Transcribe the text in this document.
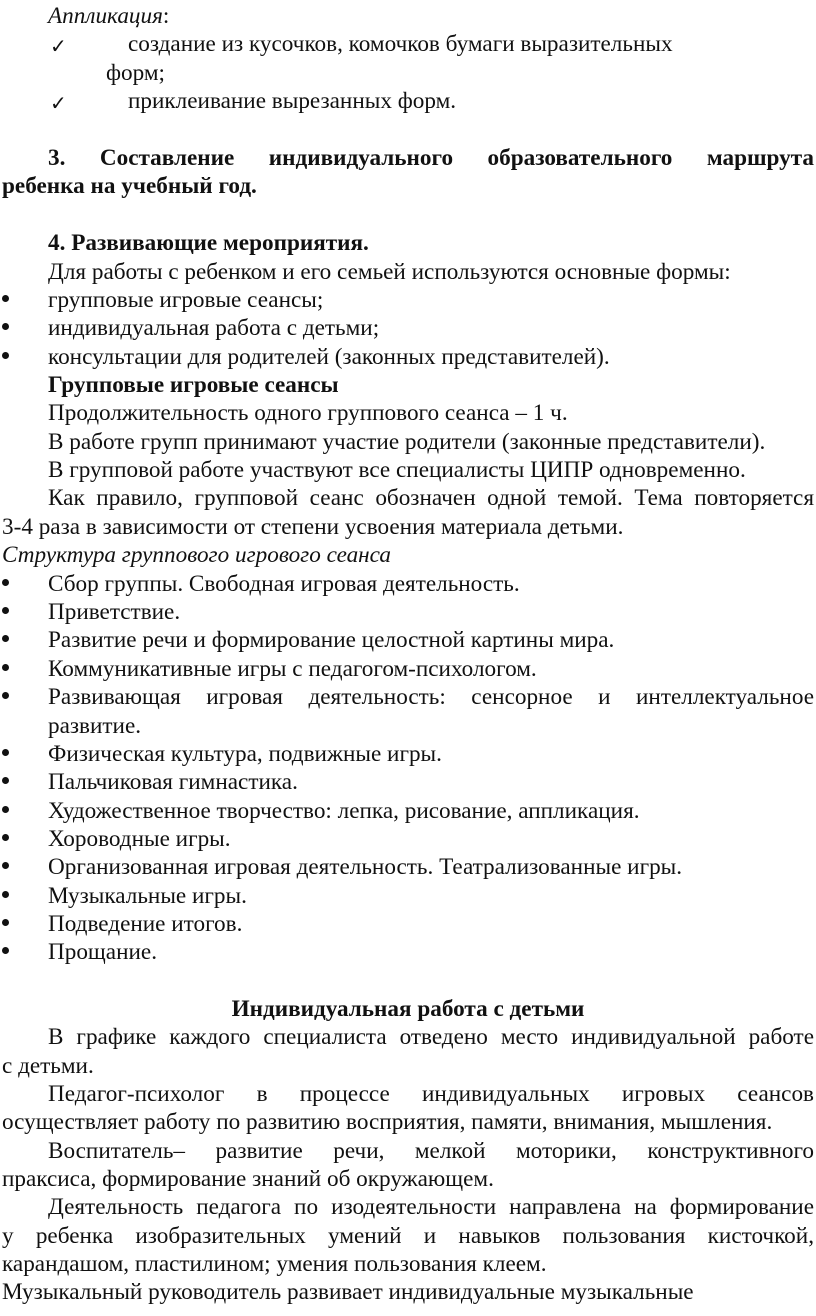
Аппликация:
✓	создание из кусочков, комочков бумаги выразительных
форм;
✓	приклеивание вырезанных форм.
3. Составление индивидуального образовательного маршрута
ребенка на учебный год.
4. Развивающие мероприятия.
Для работы с ребенком и его семьей используются основные формы:
групповые игровые сеансы;
индивидуальная работа с детьми;
консультации для родителей (законных представителей).
Групповые игровые сеансы
Продолжительность одного группового сеанса – 1 ч.
В работе групп принимают участие родители (законные представители).
В групповой работе участвуют все специалисты ЦИПР одновременно.
Как правило, групповой сеанс обозначен одной темой. Тема повторяется
3-4 раза в зависимости от степени усвоения материала детьми.
Структура группового игрового сеанса
Сбор группы. Свободная игровая деятельность.
Приветствие.
Развитие речи и формирование целостной картины мира.
Коммуникативные игры с педагогом-психологом.
Развивающая игровая деятельность: сенсорное и интеллектуальное
развитие.
Физическая культура, подвижные игры.
Пальчиковая гимнастика.
Художественное творчество: лепка, рисование, аппликация.
Хороводные игры.
Организованная игровая деятельность. Театрализованные игры.
Музыкальные игры.
Подведение итогов.
Прощание.
Индивидуальная работа с детьми
В графике каждого специалиста отведено место индивидуальной работе
с детьми.
Педагог-психолог в процессе индивидуальных игровых сеансов
осуществляет работу по развитию восприятия, памяти, внимания, мышления.
Воспитатель– развитие речи, мелкой моторики, конструктивного
праксиса, формирование знаний об окружающем.
Деятельность педагога по изодеятельности направлена на формирование
у ребенка изобразительных умений и навыков пользования кисточкой,
карандашом, пластилином; умения пользования клеем.
Музыкальный руководитель развивает индивидуальные музыкальные
